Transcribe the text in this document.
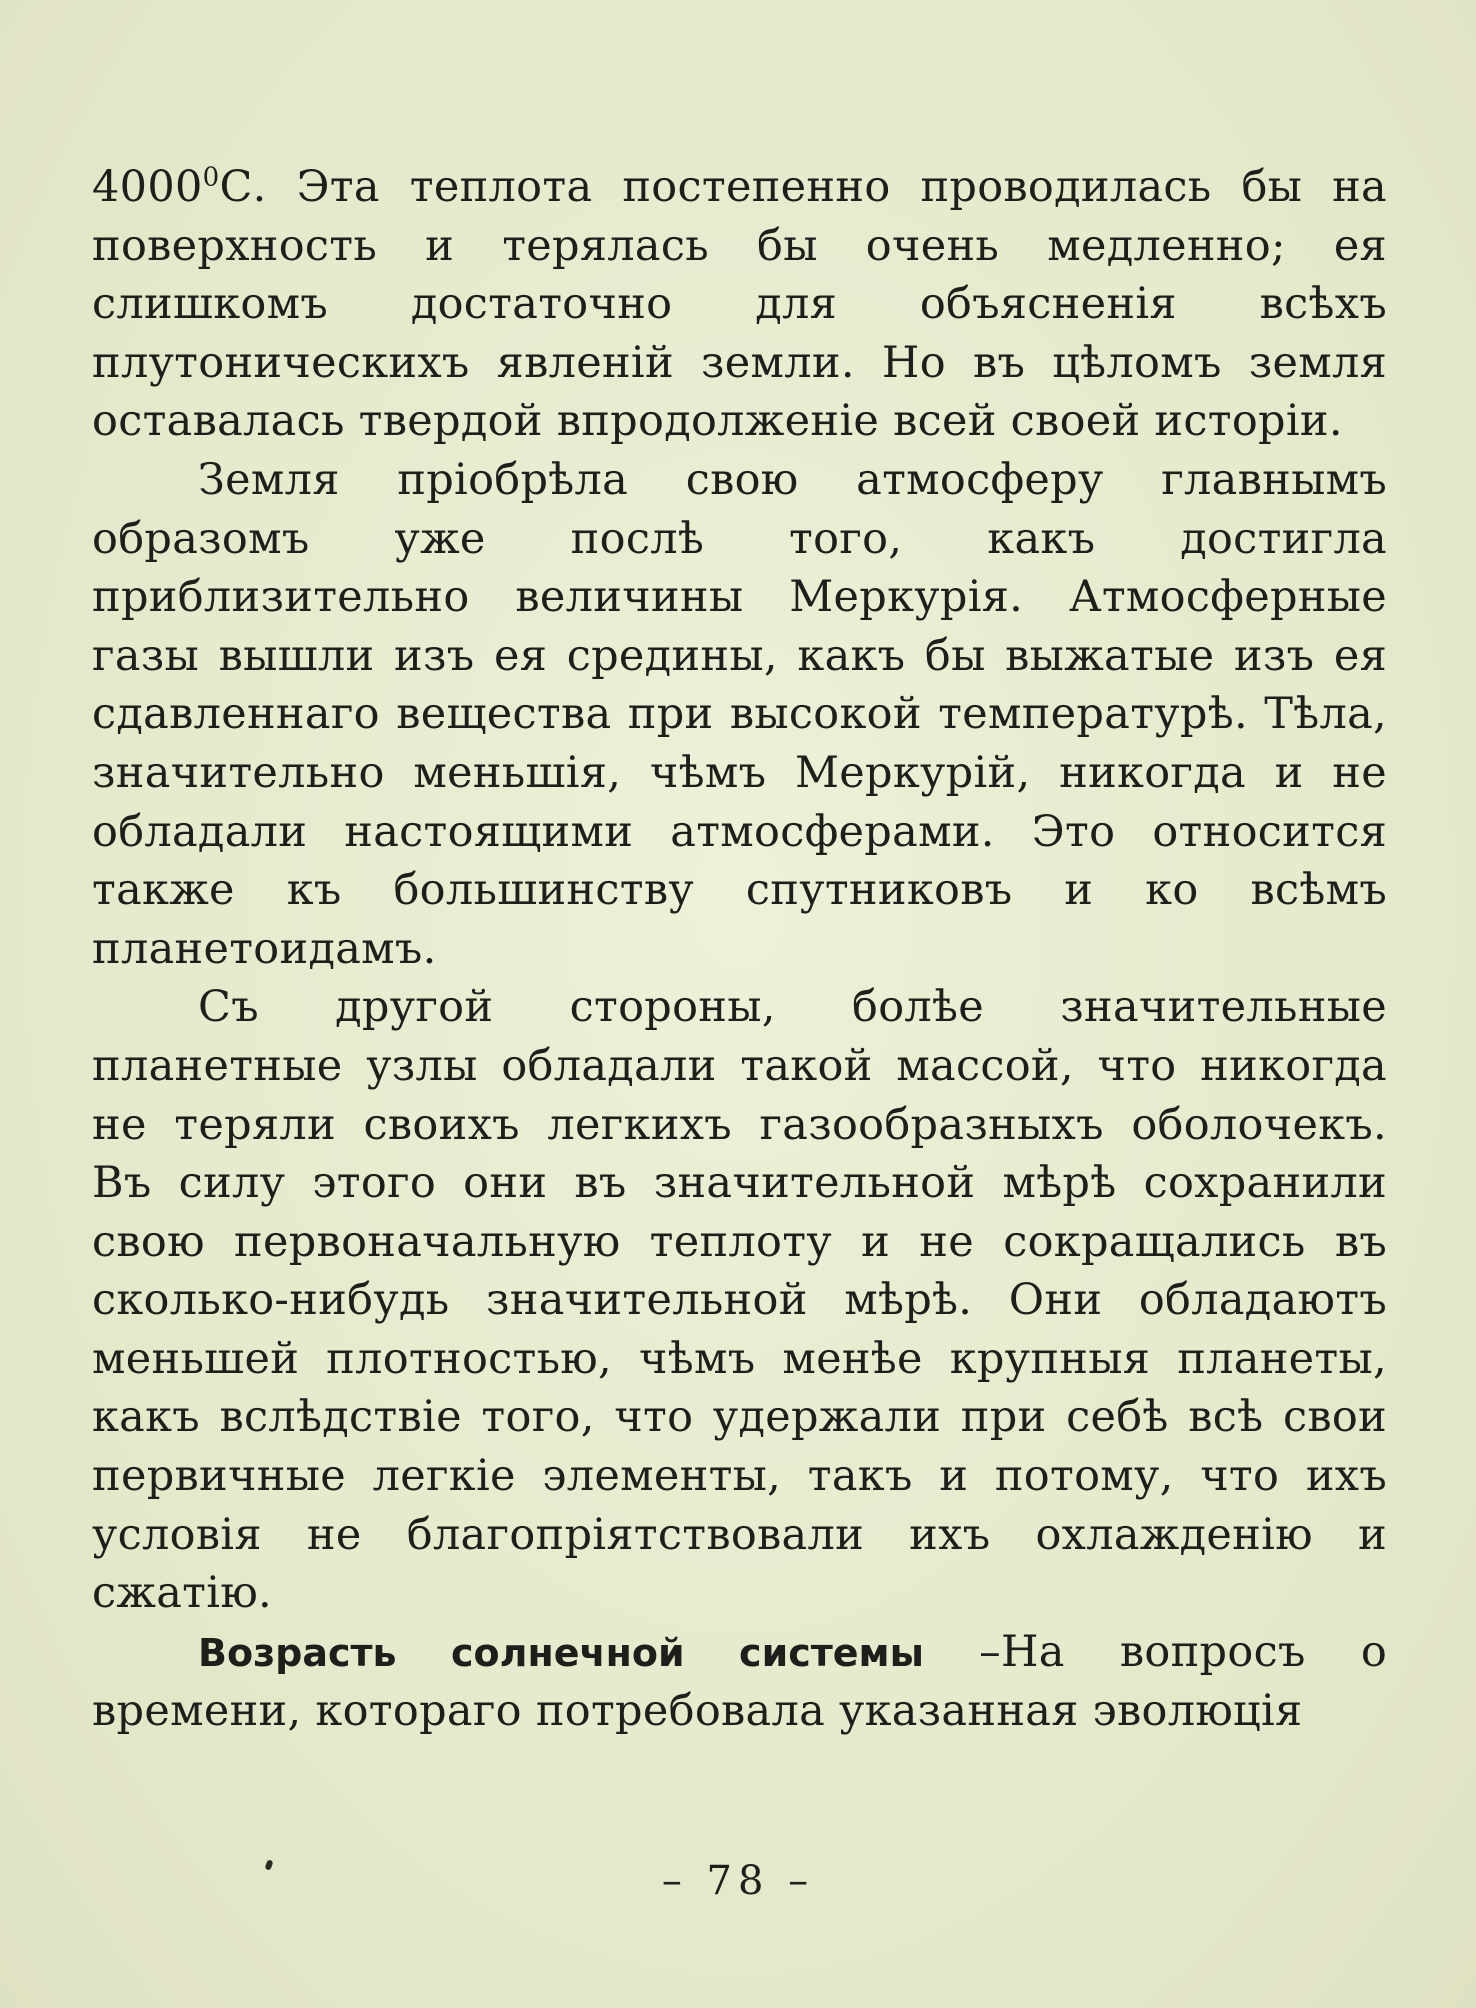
4000$^0$С. Эта теплота постепенно проводилась бы на поверхность и терялась бы очень медленно; ея слишкомъ достаточно для объясненія всѣхъ плутоническихъ явленій земли. Но въ цѣломъ земля оставалась твердой впродолженіе всей своей исторіи.

Земля пріобрѣла свою атмосферу главнымъ образомъ уже послѣ того, какъ достигла приблизительно величины Меркурія. Атмосферные газы вышли изъ ея средины, какъ бы выжатые изъ ея сдавленнаго вещества при высокой температурѣ. Тѣла, значительно меньшія, чѣмъ Меркурій, никогда и не обладали настоящими атмосферами. Это относится также къ большинству спутниковъ и ко всѣмъ планетоидамъ.

Съ другой стороны, болѣе значительные планетные узлы обладали такой массой, что никогда не теряли своихъ легкихъ газообразныхъ оболочекъ. Въ силу этого они въ значительной мѣрѣ сохранили свою первоначальную теплоту и не сокращались въ сколько-нибудь значительной мѣрѣ. Они обладаютъ меньшей плотностью, чѣмъ менѣе крупныя планеты, какъ вслѣдствіе того, что удержали при себѣ всѣ свои первичные легкіе элементы, такъ и потому, что ихъ условія не благопріятствовали ихъ охлажденію и сжатію.

Возрасть солнечной системы –На вопросъ о времени, котораго потребовала указанная эволюція

– 78 –
